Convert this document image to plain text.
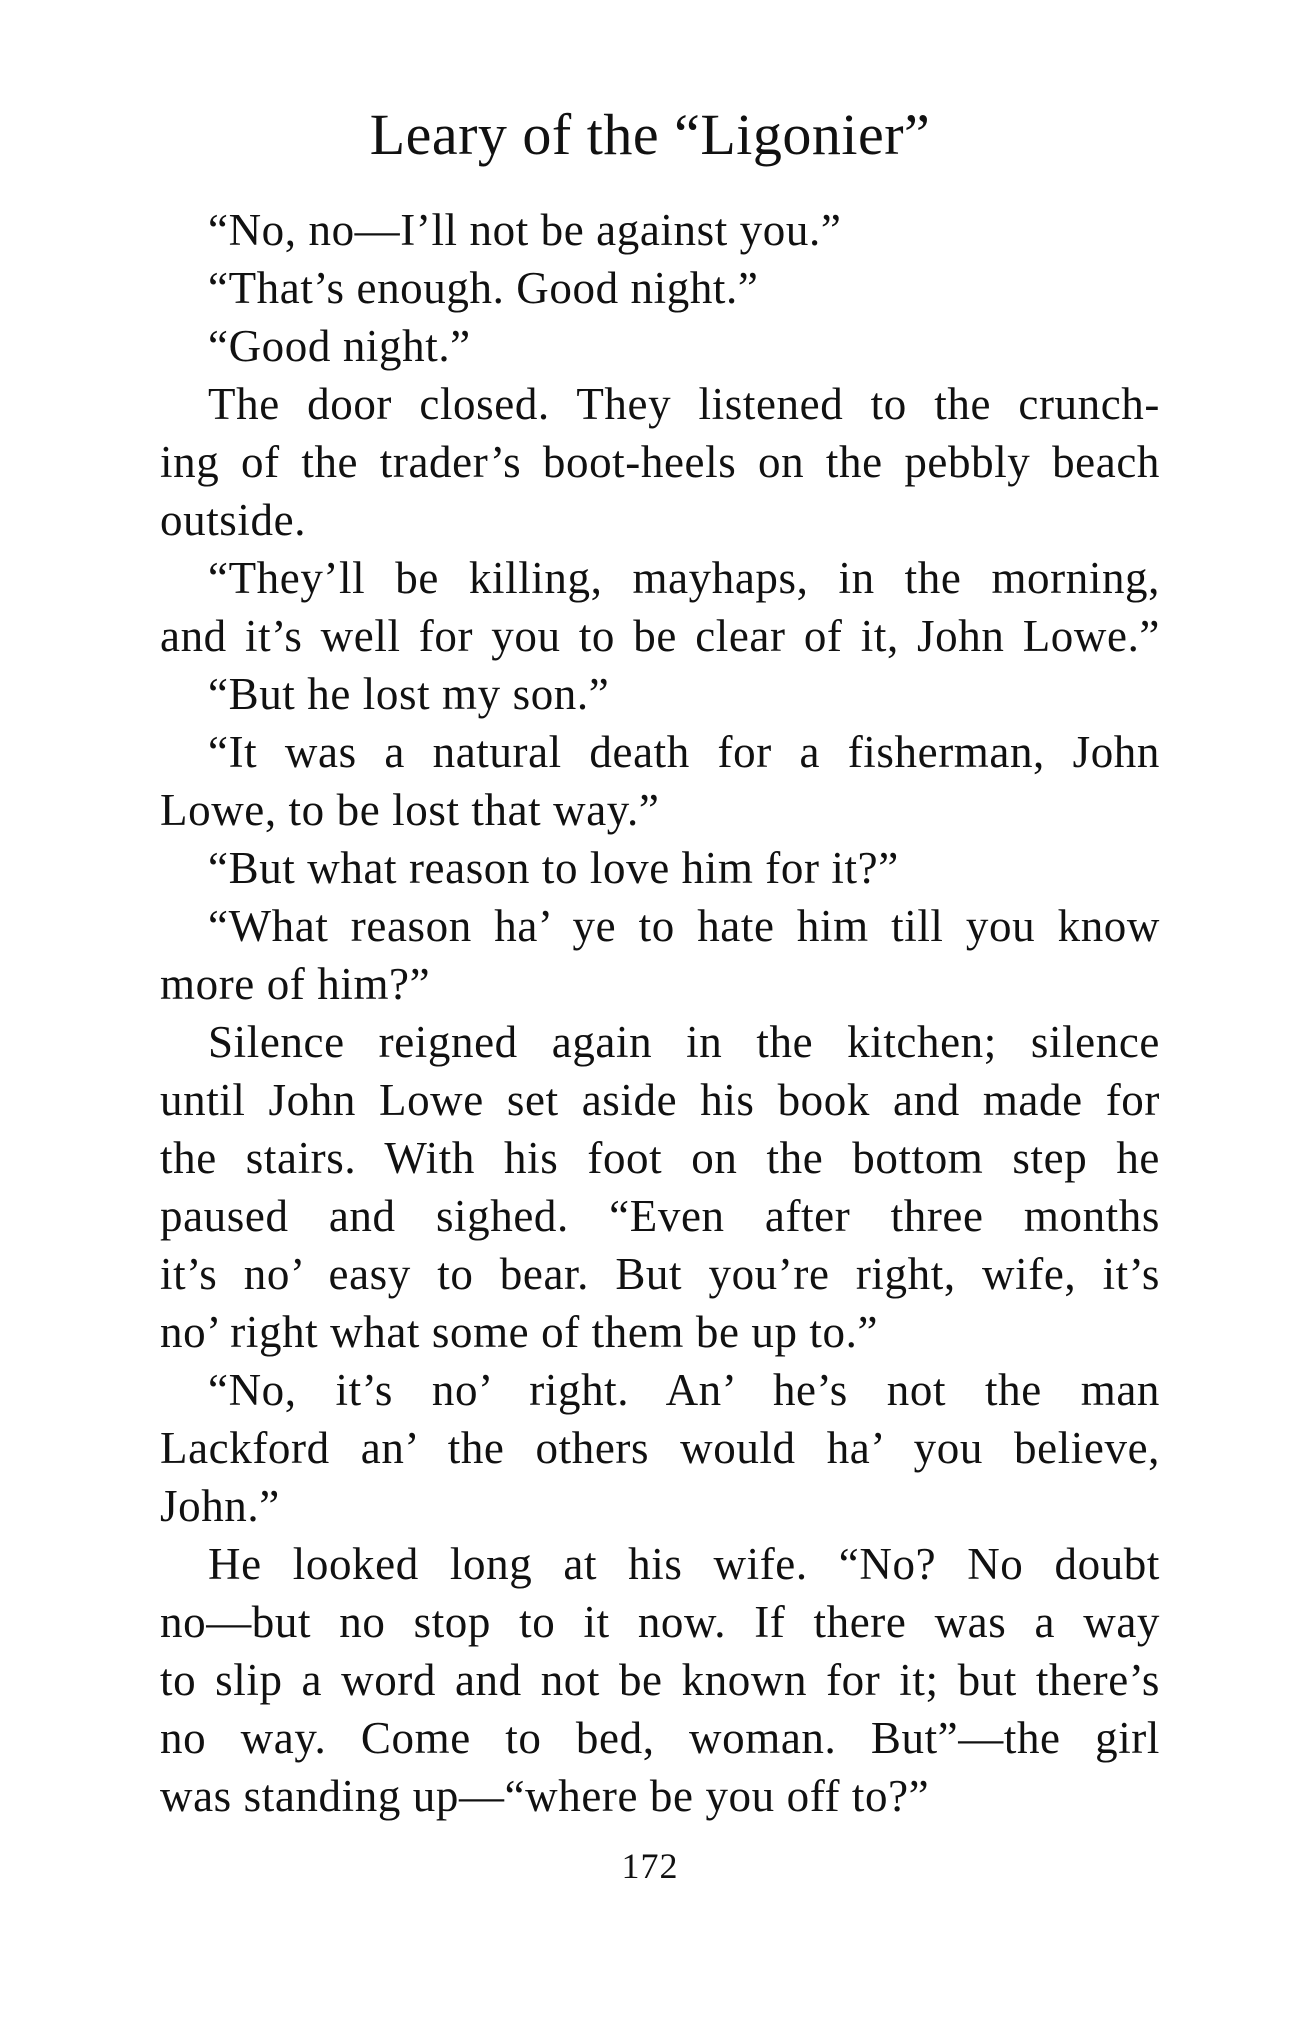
Leary of the “Ligonier”
“No, no—I’ll not be against you.”
“That’s enough. Good night.”
“Good night.”
The door closed. They listened to the crunch-
ing of the trader’s boot-heels on the pebbly beach
outside.
“They’ll be killing, mayhaps, in the morning,
and it’s well for you to be clear of it, John Lowe.”
“But he lost my son.”
“It was a natural death for a fisherman, John
Lowe, to be lost that way.”
“But what reason to love him for it?”
“What reason ha’ ye to hate him till you know
more of him?”
Silence reigned again in the kitchen; silence
until John Lowe set aside his book and made for
the stairs. With his foot on the bottom step he
paused and sighed. “Even after three months
it’s no’ easy to bear. But you’re right, wife, it’s
no’ right what some of them be up to.”
“No, it’s no’ right. An’ he’s not the man
Lackford an’ the others would ha’ you believe,
John.”
He looked long at his wife. “No? No doubt
no—but no stop to it now. If there was a way
to slip a word and not be known for it; but there’s
no way. Come to bed, woman. But”—the girl
was standing up—“where be you off to?”
172
